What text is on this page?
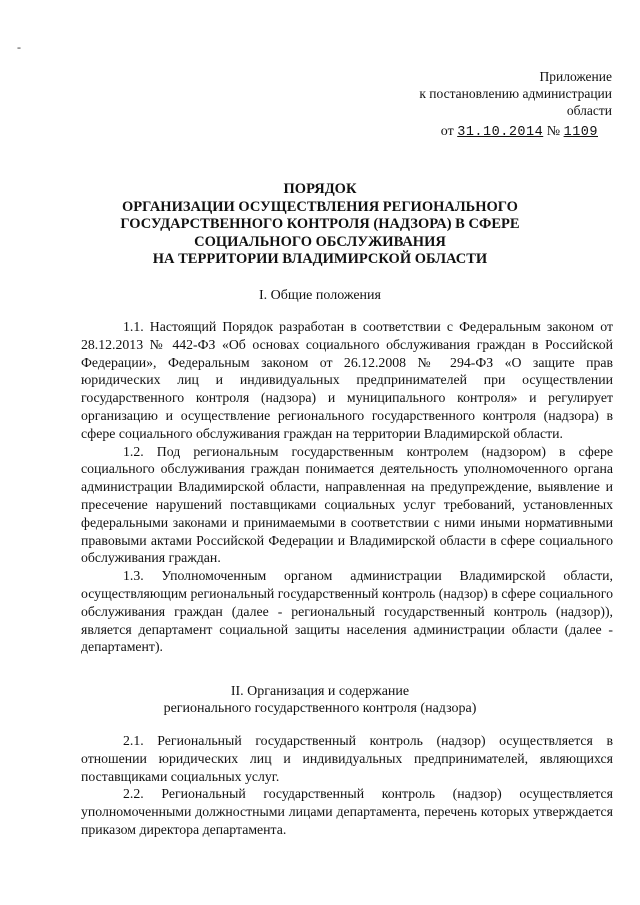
-
Приложение
к постановлению администрации
области
от 31.10.2014 № 1109
ПОРЯДОК
ОРГАНИЗАЦИИ ОСУЩЕСТВЛЕНИЯ РЕГИОНАЛЬНОГО
ГОСУДАРСТВЕННОГО КОНТРОЛЯ (НАДЗОРА) В СФЕРЕ
СОЦИАЛЬНОГО ОБСЛУЖИВАНИЯ
НА ТЕРРИТОРИИ ВЛАДИМИРСКОЙ ОБЛАСТИ
I. Общие положения

1.1. Настоящий Порядок разработан в соответствии с Федеральным законом от 28.12.2013 № 442-ФЗ «Об основах социального обслуживания граждан в Российской Федерации», Федеральным законом от 26.12.2008 № 294-ФЗ «О защите прав юридических лиц и индивидуальных предпринимателей при осуществлении государственного контроля (надзора) и муниципального контроля» и регулирует организацию и осуществление регионального государственного контроля (надзора) в сфере социального обслуживания граждан на территории Владимирской области.

1.2. Под региональным государственным контролем (надзором) в сфере социального обслуживания граждан понимается деятельность уполномоченного органа администрации Владимирской области, направленная на предупреждение, выявление и пресечение нарушений поставщиками социальных услуг требований, установленных федеральными законами и принимаемыми в соответствии с ними иными нормативными правовыми актами Российской Федерации и Владимирской области в сфере социального обслуживания граждан.

1.3. Уполномоченным органом администрации Владимирской области, осуществляющим региональный государственный контроль (надзор) в сфере социального обслуживания граждан (далее - региональный государственный контроль (надзор)), является департамент социальной защиты населения администрации области (далее - департамент).

II. Организация и содержание
регионального государственного контроля (надзора)

2.1. Региональный государственный контроль (надзор) осуществляется в отношении юридических лиц и индивидуальных предпринимателей, являющихся поставщиками социальных услуг.

2.2. Региональный государственный контроль (надзор) осуществляется уполномоченными должностными лицами департамента, перечень которых утверждается приказом директора департамента.
